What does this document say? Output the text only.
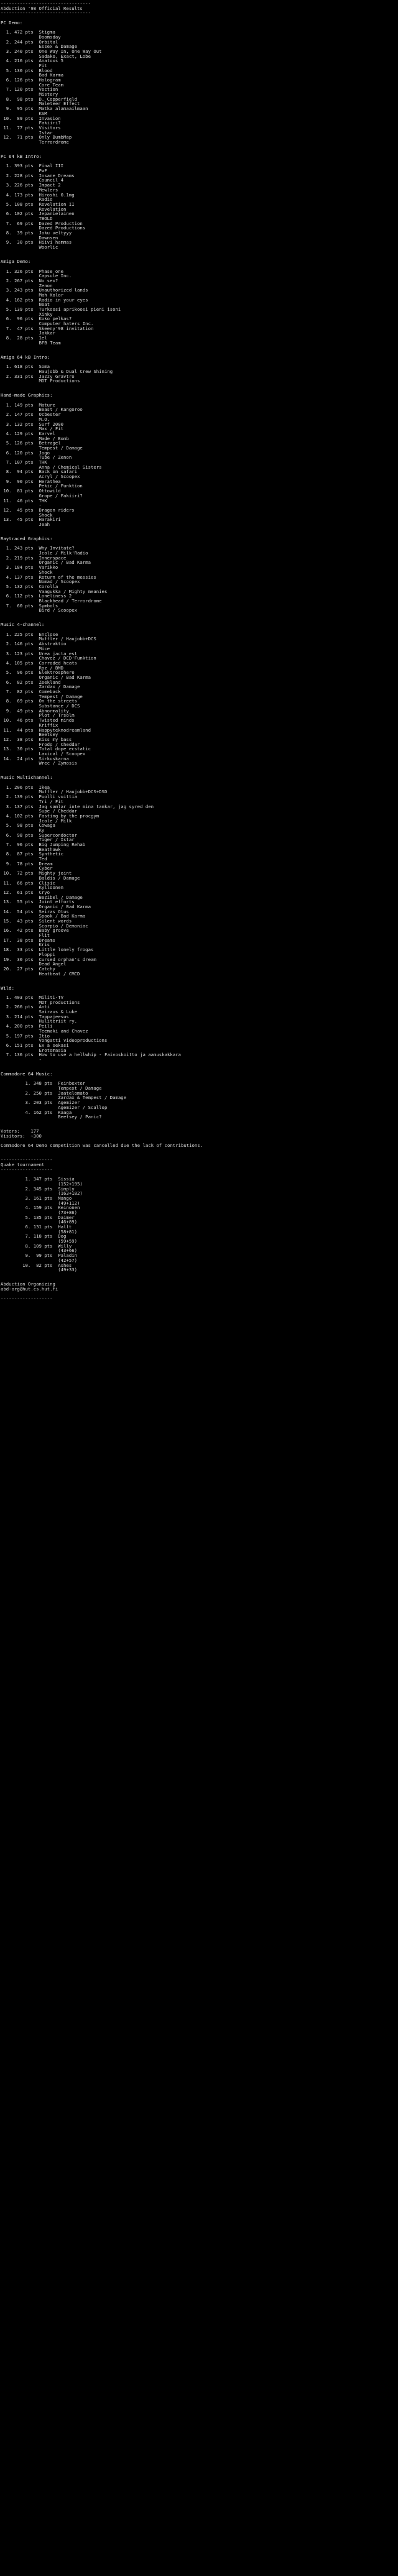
---------------------------------
Abduction '98 Official Results
---------------------------------
PC Demo:
1. 472 pts  Stigma
Doomsday
2. 244 pts  Orbital
Essex & Damage
3. 240 pts  One Way In, One Way Out
Sadako, Exact, Lobe
4. 216 pts  Anatoxs 5
Fit
5. 130 pts  Blood
Bad Karma
6. 126 pts  Hologram
Core Team
7. 120 pts  Vection
Mistery
8.  98 pts  D. Copperfield
Maleteer Effect
9.  95 pts  Matka alamaailmaan
KSM
10.  89 pts  Invasion
Fakiiri?
11.  77 pts  Visitors
Istar
12.  71 pts  Only BumbMap
Terrordrome
PC 64 kB Intro:
1. 393 pts  Final III
PwF
2. 228 pts  Insane Dreams
Council 4
3. 226 pts  Impact 2
Mewlers
4. 173 pts  Hiroshi 0.1mg
Radio
5. 108 pts  Revelation II
Revelation
6. 102 pts  Jepanielainen
TBOLD
7.  69 pts  Dazed Production
Dazed Productions
8.  39 pts  Joku veltyyy
Dawnsen
9.  30 pts  Hiivi hammas
Woorlic
Amiga Demo:
1. 326 pts  Phase one
Capsule Inc.
2. 267 pts  No sex?
Zenon
3. 243 pts  Unauthorized lands
Mah Kolor
4. 162 pts  Radio in your eyes
Neat
5. 139 pts  Turkoosi aprikoosi pieni isoni
Xinky
6.  96 pts  Koko pelkas?
Computer haters Inc.
7.  47 pts  Skeeny'98 invitation
Jakkar
8.  28 pts  1el
BFB Team
Amiga 64 kB Intro:
1. 618 pts  Soma
Haujobb & Dual Crew Shining
2. 331 pts  Jazzy Gravtro
MDT Productions
Hand-made Graphics:
1. 149 pts  Mature
Beast / Kangoroo
2. 147 pts  Ocbester
M.O.
3. 132 pts  Surf 2000
Max / Fit
4. 129 pts  Karvel
Made / Bomb
5. 126 pts  Betragel
Tempest / Damage
6. 120 pts  Jogo
Tube / Zenon
7. 107 pts  THK
Anna / Chemical Sisters
8.  94 pts  Back on safari
Acryl / Scoopex
9.  90 pts  Herathea
Pekic / Funktion
10.  81 pts  Ottowild
Grope / Fakiiri?
11.  46 pts  THK
-
12.  45 pts  Dragon riders
Shock
13.  45 pts  Harakiri
Jeah
Raytraced Graphics:
1. 243 pts  Why Invitate?
Jcole / Milk'Radio
2. 219 pts  Innerspace
Organic / Bad Karma
3. 184 pts  Varikko
Shock
4. 137 pts  Return of the messies
Nomad / Scoopex
5. 132 pts  Corolla
Vaagukka / Mighty meanies
6. 112 pts  Loneliness 2
Blackhead / Terrordrome
7.  60 pts  Symbols
Bird / Scoopex
Music 4-channel:
1. 225 pts  Enclose
Muffler / Haujobb+DCS
2. 146 pts  Abstraktio
Mice
3. 123 pts  Urea jacta est
Chavez / DCD'Funktion
4. 105 pts  Corroded heats
Roz / BMD
5.  96 pts  Elektrosphere
Organic / Bad Karma
6.  82 pts  Zeekland
Zardax / Damage
7.  82 pts  Comeback
Tempest / Damage
8.  69 pts  On the streets
Substance / DCS
9.  49 pts  Abnormality
Plot / Trsolm
10.  46 pts  Twisted minds
Kriffix
11.  44 pts  Happyteknodreamland
Beetsey
12.  38 pts  Kiss my bass
Frodo / Cheddar
13.  30 pts  Total dope ecstatic
Laxical / Scoopex
14.  24 pts  Sirkuskarna
Wrec / Zymosis
Music Multichannel:
1. 206 pts  Ikea
Muffler / Haujobb+DCS+DSD
2. 139 pts  Puolli vuittia
Tri / Fit
3. 137 pts  Jag samlar inte mina tankar, jag syred den
Supe / Cheddar
4. 102 pts  Fasting by the procgym
Jcole / Milk
5.  98 pts  Cowaga
Ky
6.  98 pts  Supercondoctor
Tiger / Istar
7.  96 pts  Big Jumping Rehab
Beathawk
8.  87 pts  Synthetic
Ted
9.  78 pts  Dream
Cyber
10.  72 pts  Mighty joint
Baldis / Damage
11.  66 pts  Clisic
Kylloonen
12.  61 pts  Cryo
Bezibel / Damage
13.  55 pts  Joint efforts
Organic / Bad Karma
14.  54 pts  Seiras Otus
Spook / Bad Karma
15.  43 pts  Silent words
Scorpio / Demoniac
16.  42 pts  Baby groove
Flit
17.  38 pts  Dreams
Kris
18.  33 pts  Little lonely frogas
Floppi
19.  30 pts  Cursed orphan's dream
Dead Angel
20.  27 pts  Catchy
Heatbeat / CMCD
Wild:
1. 403 pts  Militi-TV
MDT productions
2. 266 pts  Anti
Sairaus & Luke
3. 214 pts  Tappajeesus
Huliteriit ry.
4. 200 pts  Peili
Teemaki and Chavez
5. 197 pts  Itio
Vongatti videoproductions
6. 151 pts  Ex a sekasi
Erotomasia
7. 136 pts  How to use a hellwhip - Faivoskoitto ja aamuskakkara
-
Commodore 64 Music:
1. 348 pts  Feinbexter
Tempest / Damage
2. 250 pts  Jaatelomato
Zardax & Tempest / Damage
3. 203 pts  Agemizer
Agemizer / Scallop
4. 162 pts  Kaaga
Beetsey / Panic?
Voters:    177
Visitors:  ~300
Commodore 64 Demo competition was cancelled due the lack of contributions.
-------------------
Quake tournament
-------------------
1. 347 pts  Sissia
(152+195)
2. 345 pts  Simply
(163+182)
3. 161 pts  Mango
(49+112)
4. 159 pts  Keinonen
(73+86)
5. 135 pts  Daimer
(46+89)
6. 131 pts  Hallt
(58+81)
7. 118 pts  Dog
(59+59)
8. 109 pts  Willy
(43+66)
9.  99 pts  Paladin
(42+57)
10.  82 pts  Ashes
(49+33)
Abduction Organizing
abd-org@hut.cs.hut.fi
-------------------
